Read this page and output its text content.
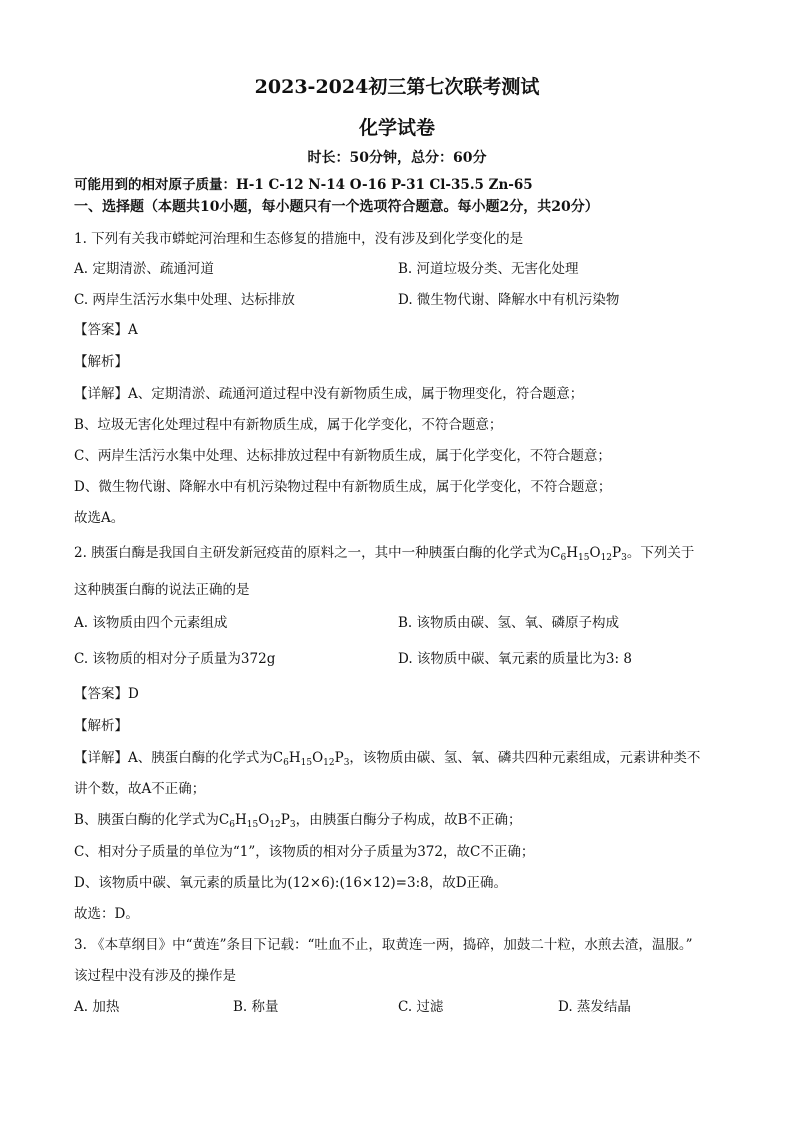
2023-2024初三第七次联考测试
化学试卷
时长：50分钟，总分：60分
可能用到的相对原子质量：H-1 C-12 N-14 O-16 P-31 Cl-35.5 Zn-65
一、选择题（本题共10小题，每小题只有一个选项符合题意。每小题2分，共20分）
1. 下列有关我市蟒蛇河治理和生态修复的措施中，没有涉及到化学变化的是
A. 定期清淤、疏通河道	B. 河道垃圾分类、无害化处理
C. 两岸生活污水集中处理、达标排放	D. 微生物代谢、降解水中有机污染物
【答案】A
【解析】
【详解】A、定期清淤、疏通河道过程中没有新物质生成，属于物理变化，符合题意；
B、垃圾无害化处理过程中有新物质生成，属于化学变化，不符合题意；
C、两岸生活污水集中处理、达标排放过程中有新物质生成，属于化学变化，不符合题意；
D、微生物代谢、降解水中有机污染物过程中有新物质生成，属于化学变化，不符合题意；
故选A。
2. 胰蛋白酶是我国自主研发新冠疫苗的原料之一，其中一种胰蛋白酶的化学式为$C_6H_{15}O_{12}P_3$。下列关于
这种胰蛋白酶的说法正确的是
A. 该物质由四个元素组成	B. 该物质由碳、氢、氧、磷原子构成
C. 该物质的相对分子质量为372g	D. 该物质中碳、氧元素的质量比为3: 8
【答案】D
【解析】
【详解】A、胰蛋白酶的化学式为$C_6H_{15}O_{12}P_3$，该物质由碳、氢、氧、磷共四种元素组成，元素讲种类不
讲个数，故A不正确；
B、胰蛋白酶的化学式为$C_6H_{15}O_{12}P_3$，由胰蛋白酶分子构成，故B不正确；
C、相对分子质量的单位为“1”，该物质的相对分子质量为372，故C不正确；
D、该物质中碳、氧元素的质量比为(12×6):(16×12)=3:8，故D正确。
故选：D。
3. 《本草纲目》中“黄连”条目下记载：“吐血不止，取黄连一两，捣碎，加鼓二十粒，水煎去渣，温服。”
该过程中没有涉及的操作是
A. 加热	B. 称量	C. 过滤	D. 蒸发结晶
